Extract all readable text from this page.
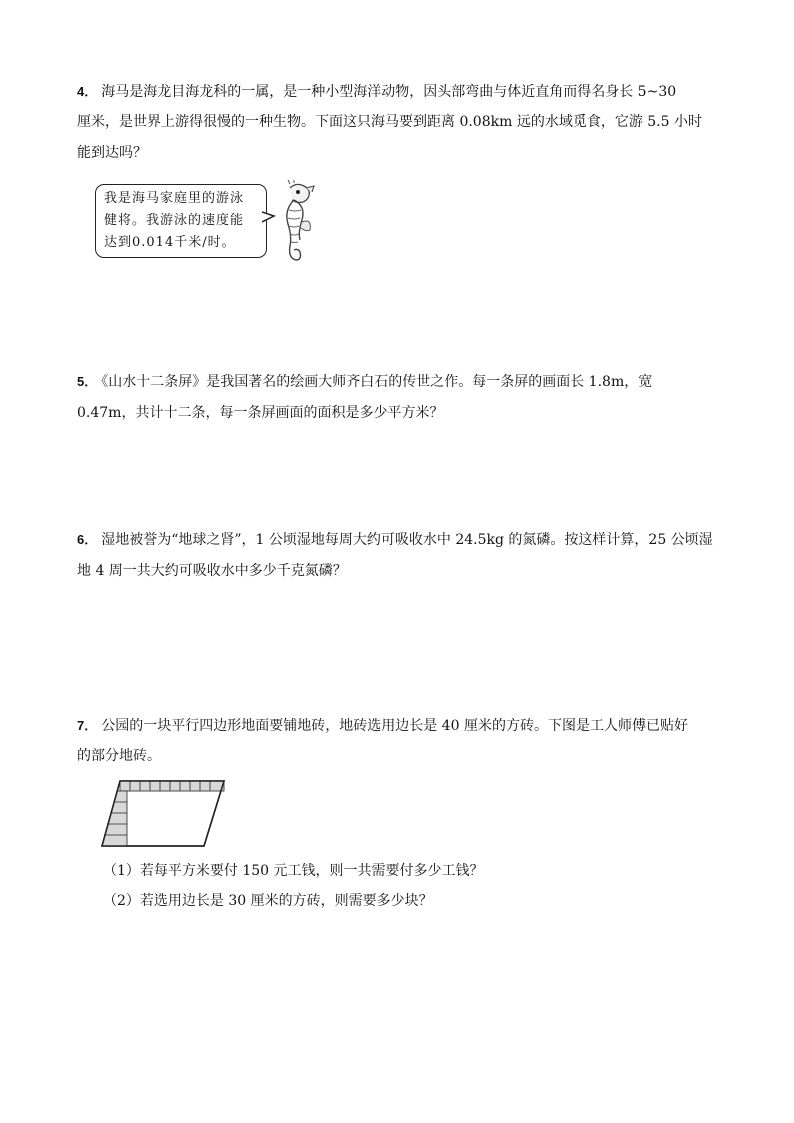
4． 海马是海龙目海龙科的一属，是一种小型海洋动物，因头部弯曲与体近直角而得名身长 5~30
厘米，是世界上游得很慢的一种生物。下面这只海马要到距离 0.08km 远的水域觅食，它游 5.5 小时
能到达吗？
我是海马家庭里的游泳
健将。我游泳的速度能
达到0.014千米/时。
5． 《山水十二条屏》是我国著名的绘画大师齐白石的传世之作。每一条屏的画面长 1.8m，宽
0.47m，共计十二条，每一条屏画面的面积是多少平方米？
6． 湿地被誉为“地球之肾”，1 公顷湿地每周大约可吸收水中 24.5kg 的氮磷。按这样计算，25 公顷湿
地 4 周一共大约可吸收水中多少千克氮磷？
7． 公园的一块平行四边形地面要铺地砖，地砖选用边长是 40 厘米的方砖。下图是工人师傅已贴好
的部分地砖。
（1）若每平方米要付 150 元工钱，则一共需要付多少工钱？
（2）若选用边长是 30 厘米的方砖，则需要多少块？
